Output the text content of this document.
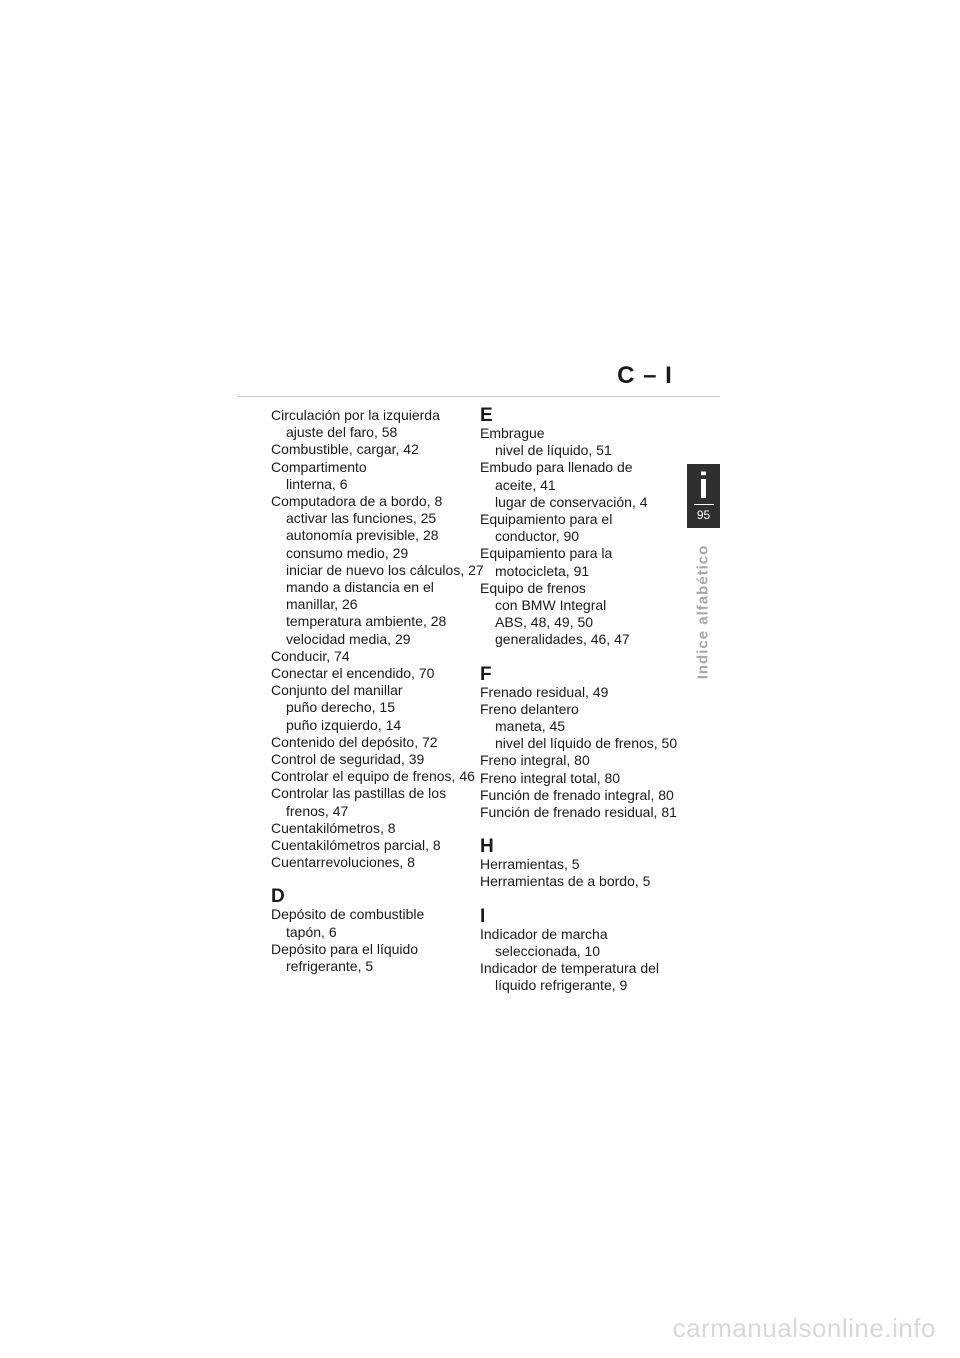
C – I
Circulación por la izquierda
ajuste del faro, 58
Combustible, cargar, 42
Compartimento
linterna, 6
Computadora de a bordo, 8
activar las funciones, 25
autonomía previsible, 28
consumo medio, 29
iniciar de nuevo los cálculos, 27
mando a distancia en el
manillar, 26
temperatura ambiente, 28
velocidad media, 29
Conducir, 74
Conectar el encendido, 70
Conjunto del manillar
puño derecho, 15
puño izquierdo, 14
Contenido del depósito, 72
Control de seguridad, 39
Controlar el equipo de frenos, 46
Controlar las pastillas de los
frenos, 47
Cuentakilómetros, 8
Cuentakilómetros parcial, 8
Cuentarrevoluciones, 8
D
Depósito de combustible
tapón, 6
Depósito para el líquido
refrigerante, 5
E
Embrague
nivel de líquido, 51
Embudo para llenado de
aceite, 41
lugar de conservación, 4
Equipamiento para el
conductor, 90
Equipamiento para la
motocicleta, 91
Equipo de frenos
con BMW Integral
ABS, 48, 49, 50
generalidades, 46, 47
F
Frenado residual, 49
Freno delantero
maneta, 45
nivel del líquido de frenos, 50
Freno integral, 80
Freno integral total, 80
Función de frenado integral, 80
Función de frenado residual, 81
H
Herramientas, 5
Herramientas de a bordo, 5
I
Indicador de marcha
seleccionada, 10
Indicador de temperatura del
líquido refrigerante, 9
i
95
Indice alfabético
carmanualsonline.info
